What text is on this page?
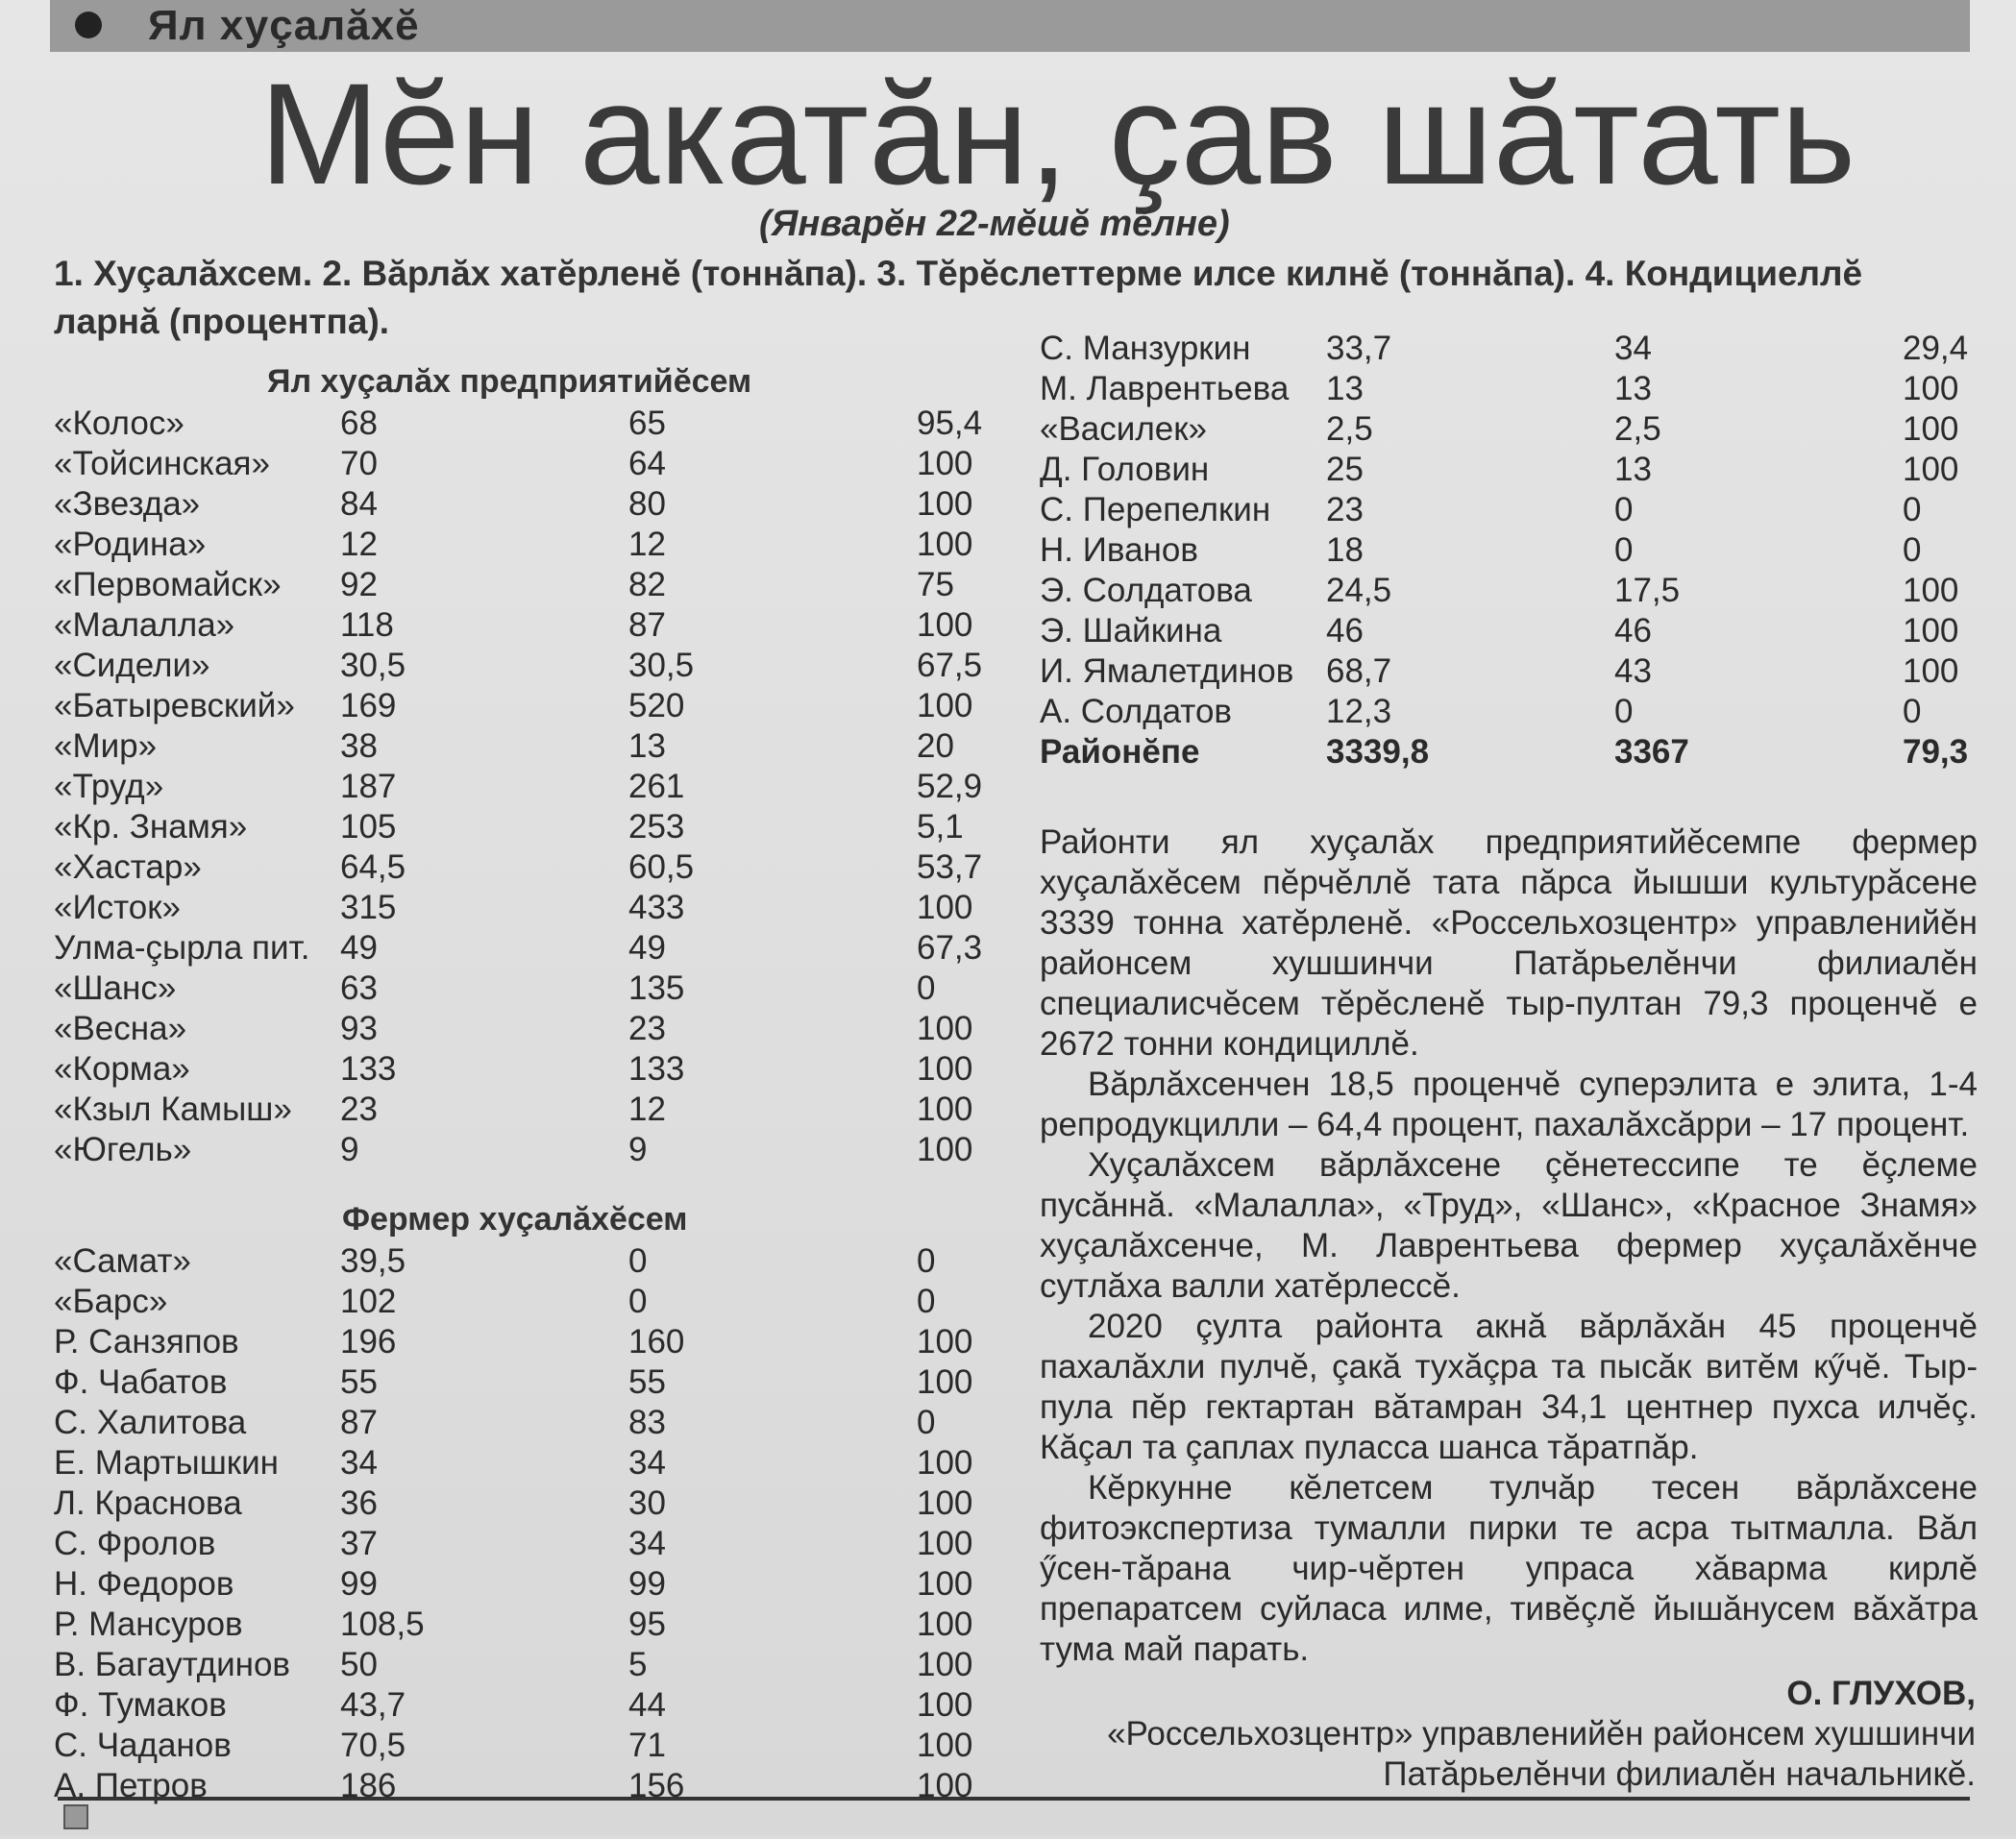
Ял хуçалăхĕ
Мĕн акатăн, çав шăтать
(Январĕн 22-мĕшĕ тĕлне)
1. Хуçалăхсем. 2. Вăрлăх хатĕрленĕ (тоннăпа). 3. Тĕрĕслеттерме илсе килнĕ (тоннăпа). 4. Кондициеллĕ
ларнă (процентпа).
Ял хуçалăх предприятийĕсем
«Колос»	68	65	95,4
«Тойсинская» 70	64	100
«Звезда»	84	80	100
«Родина»	12	12	100
«Первомайск» 92	82	75
«Малалла»	118	87	100
«Сидели»	30,5	30,5	67,5
«Батыревский» 169	520	100
«Мир»	38	13	20
«Труд»	187	261	52,9
«Кр. Знамя»	105	253	5,1
«Хастар»	64,5	60,5	53,7
«Исток»	315	433	100
Улма-çырла пит. 49	49	67,3
«Шанс»	63	135	0
«Весна»	93	23	100
«Корма»	133	133	100
«Кзыл Камыш» 23	12	100
«Югель»	9	9	100
Фермер хуçалăхĕсем
«Самат»	39,5	0	0
«Барс»	102	0	0
Р. Санзяпов	196	160	100
Ф. Чабатов	55	55	100
С. Халитова	87	83	0
Е. Мартышкин 34	34	100
Л. Краснова	36	30	100
С. Фролов	37	34	100
Н. Федоров	99	99	100
Р. Мансуров	108,5	95	100
В. Багаутдинов 50	5	100
Ф. Тумаков	43,7	44	100
С. Чаданов	70,5	71	100
А. Петров	186	156	100
С. Манзуркин 33,7	34	29,4
М. Лаврентьева 13	13	100
«Василек»	2,5	2,5	100
Д. Головин	25	13	100
С. Перепелкин 23	0	0
Н. Иванов	18	0	0
Э. Солдатова 24,5	17,5	100
Э. Шайкина	46	46	100
И. Ямалетдинов 68,7	43	100
А. Солдатов	12,3	0	0
Районĕпе	3339,8	3367	79,3

Районти ял хуçалăх предприятийĕсемпе фермер хуçалăхĕсем пĕрчĕллĕ тата пăрса йышши культурăсене 3339 тонна хатĕрленĕ. «Россельхозцентр» управленийĕн районсем хушшинчи Патăрьелĕнчи филиалĕн специалисчĕсем тĕрĕсленĕ тыр-пултан 79,3 проценчĕ е 2672 тонни кондициллĕ.

Вăрлăхсенчен 18,5 проценчĕ суперэлита е элита, 1-4 репродукцилли – 64,4 процент, пахалăхсăрри – 17 процент.

Хуçалăхсем вăрлăхсене çĕнетессипе те ĕçлеме пусăннă. «Малалла», «Труд», «Шанс», «Красное Знамя» хуçалăхсенче, М. Лаврентьева фермер хуçалăхĕнче сутлăха валли хатĕрлессĕ.

2020 çулта районта акнă вăрлăхăн 45 проценчĕ пахалăхли пулчĕ, çакă тухăçра та пысăк витĕм кӳчĕ. Тыр-пула пĕр гектартан вăтамран 34,1 центнер пухса илчĕç. Кăçал та çаплах пуласса шанса тăратпăр.

Кĕркунне кĕлетсем тулчăр тесен вăрлăхсене фитоэкспертиза тумалли пирки те асра тытмалла. Вăл ӳсен-тăрана чир-чĕртен упраса хăварма кирлĕ препаратсем суйласа илме, тивĕçлĕ йышăнусем вăхăтра тума май парать.

О. ГЛУХОВ,
«Россельхозцентр» управленийĕн районсем хушшинчи Патăрьелĕнчи филиалĕн начальникĕ.
